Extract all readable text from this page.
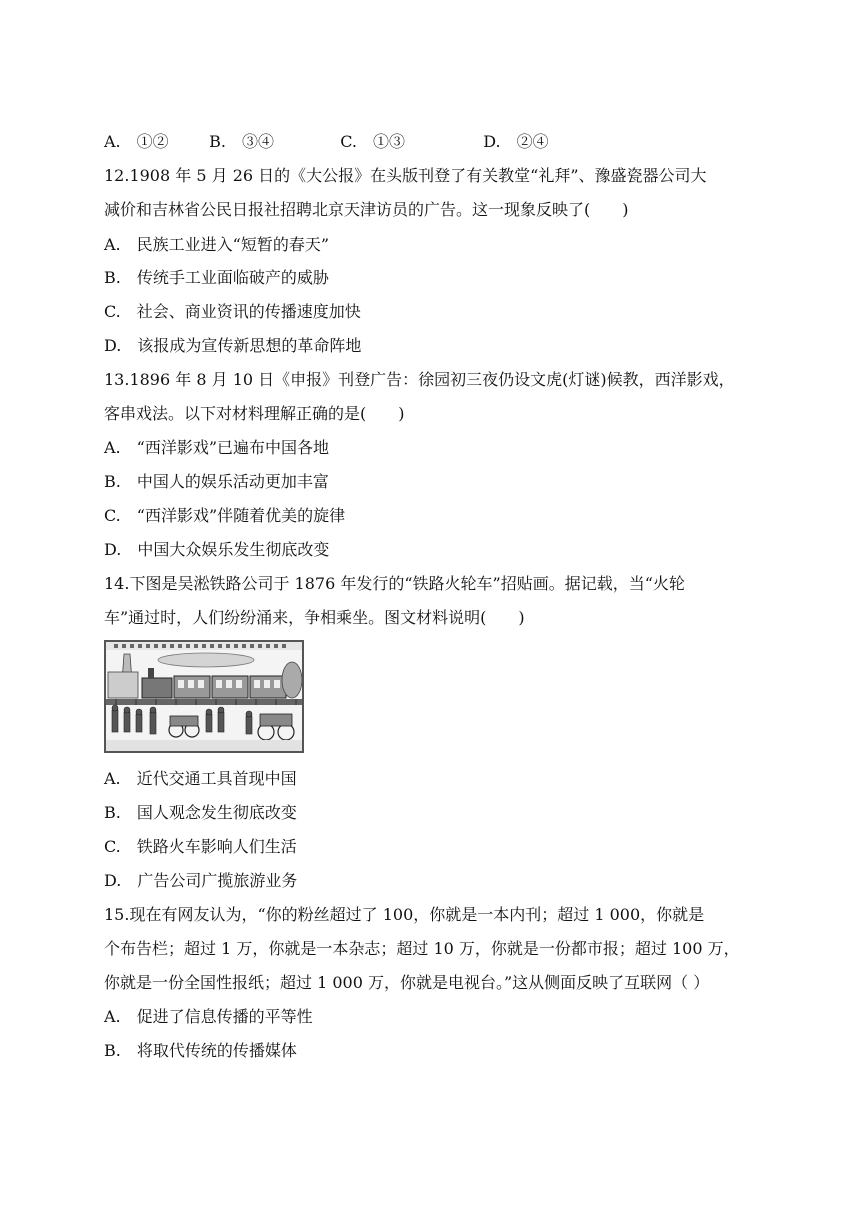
A.　①②	B.　③④	C.　①③	D.　②④
12.1908 年 5 月 26 日的《大公报》在头版刊登了有关教堂“礼拜”、豫盛瓷器公司大
减价和吉林省公民日报社招聘北京天津访员的广告。这一现象反映了(　　)
A.　民族工业进入“短暂的春天”
B.　传统手工业面临破产的威胁
C.　社会、商业资讯的传播速度加快
D.　该报成为宣传新思想的革命阵地
13.1896 年 8 月 10 日《申报》刊登广告：徐园初三夜仍设文虎(灯谜)候教，西洋影戏，
客串戏法。以下对材料理解正确的是(　　)
A.　“西洋影戏”已遍布中国各地
B.　中国人的娱乐活动更加丰富
C.　“西洋影戏”伴随着优美的旋律
D.　中国大众娱乐发生彻底改变
14.下图是吴淞铁路公司于 1876 年发行的“铁路火轮车”招贴画。据记载，当“火轮
车”通过时，人们纷纷涌来，争相乘坐。图文材料说明(　　)
A.　近代交通工具首现中国
B.　国人观念发生彻底改变
C.　铁路火车影响人们生活
D.　广告公司广揽旅游业务
15.现在有网友认为，“你的粉丝超过了 100，你就是一本内刊；超过 1 000，你就是
个布告栏；超过 1 万，你就是一本杂志；超过 10 万，你就是一份都市报；超过 100 万，
你就是一份全国性报纸；超过 1 000 万，你就是电视台。”这从侧面反映了互联网（ ）
A.　促进了信息传播的平等性
B.　将取代传统的传播媒体
